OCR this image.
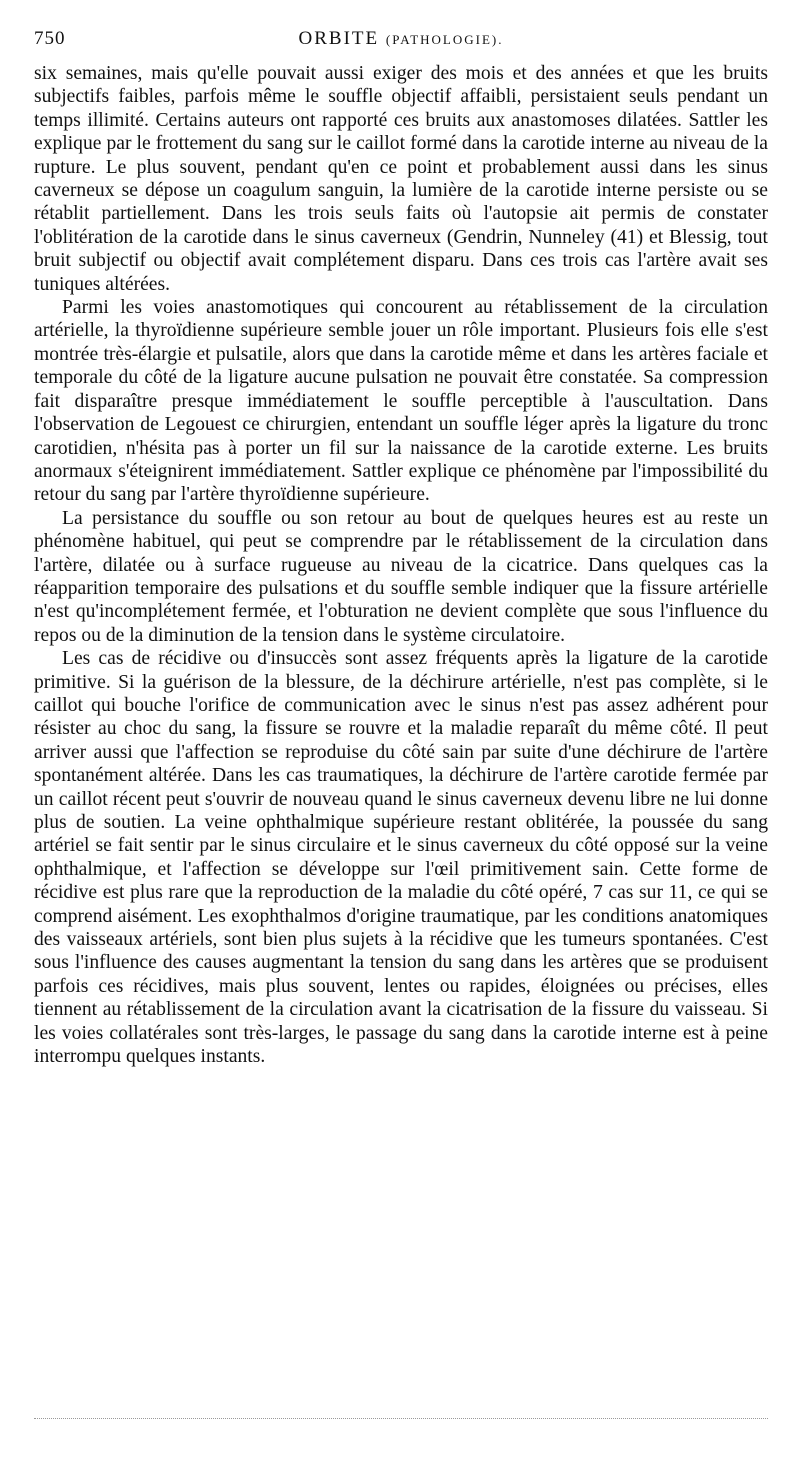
750	ORBITE (PATHOLOGIE).

six semaines, mais qu'elle pouvait aussi exiger des mois et des années et que les bruits subjectifs faibles, parfois même le souffle objectif affaibli, persistaient seuls pendant un temps illimité. Certains auteurs ont rapporté ces bruits aux anastomoses dilatées. Sattler les explique par le frottement du sang sur le caillot formé dans la carotide interne au niveau de la rupture. Le plus souvent, pendant qu'en ce point et probablement aussi dans les sinus caverneux se dépose un coagulum sanguin, la lumière de la carotide interne persiste ou se rétablit partiellement. Dans les trois seuls faits où l'autopsie ait permis de constater l'oblitération de la carotide dans le sinus caverneux (Gendrin, Nunneley (41) et Blessig, tout bruit subjectif ou objectif avait complétement disparu. Dans ces trois cas l'artère avait ses tuniques altérées.

Parmi les voies anastomotiques qui concourent au rétablissement de la circulation artérielle, la thyroïdienne supérieure semble jouer un rôle important. Plusieurs fois elle s'est montrée très-élargie et pulsatile, alors que dans la carotide même et dans les artères faciale et temporale du côté de la ligature aucune pulsation ne pouvait être constatée. Sa compression fait disparaître presque immédiatement le souffle perceptible à l'auscultation. Dans l'observation de Legouest ce chirurgien, entendant un souffle léger après la ligature du tronc carotidien, n'hésita pas à porter un fil sur la naissance de la carotide externe. Les bruits anormaux s'éteignirent immédiatement. Sattler explique ce phénomène par l'impossibilité du retour du sang par l'artère thyroïdienne supérieure.

La persistance du souffle ou son retour au bout de quelques heures est au reste un phénomène habituel, qui peut se comprendre par le rétablissement de la circulation dans l'artère, dilatée ou à surface rugueuse au niveau de la cicatrice. Dans quelques cas la réapparition temporaire des pulsations et du souffle semble indiquer que la fissure artérielle n'est qu'incomplétement fermée, et l'obturation ne devient complète que sous l'influence du repos ou de la diminution de la tension dans le système circulatoire.

Les cas de récidive ou d'insuccès sont assez fréquents après la ligature de la carotide primitive. Si la guérison de la blessure, de la déchirure artérielle, n'est pas complète, si le caillot qui bouche l'orifice de communication avec le sinus n'est pas assez adhérent pour résister au choc du sang, la fissure se rouvre et la maladie reparaît du même côté. Il peut arriver aussi que l'affection se reproduise du côté sain par suite d'une déchirure de l'artère spontanément altérée. Dans les cas traumatiques, la déchirure de l'artère carotide fermée par un caillot récent peut s'ouvrir de nouveau quand le sinus caverneux devenu libre ne lui donne plus de soutien. La veine ophthalmique supérieure restant oblitérée, la poussée du sang artériel se fait sentir par le sinus circulaire et le sinus caverneux du côté opposé sur la veine ophthalmique, et l'affection se développe sur l'œil primitivement sain. Cette forme de récidive est plus rare que la reproduction de la maladie du côté opéré, 7 cas sur 11, ce qui se comprend aisément. Les exophthalmos d'origine traumatique, par les conditions anatomiques des vaisseaux artériels, sont bien plus sujets à la récidive que les tumeurs spontanées. C'est sous l'influence des causes augmentant la tension du sang dans les artères que se produisent parfois ces récidives, mais plus souvent, lentes ou rapides, éloignées ou précises, elles tiennent au rétablissement de la circulation avant la cicatrisation de la fissure du vaisseau. Si les voies collatérales sont très-larges, le passage du sang dans la carotide interne est à peine interrompu quelques instants.
